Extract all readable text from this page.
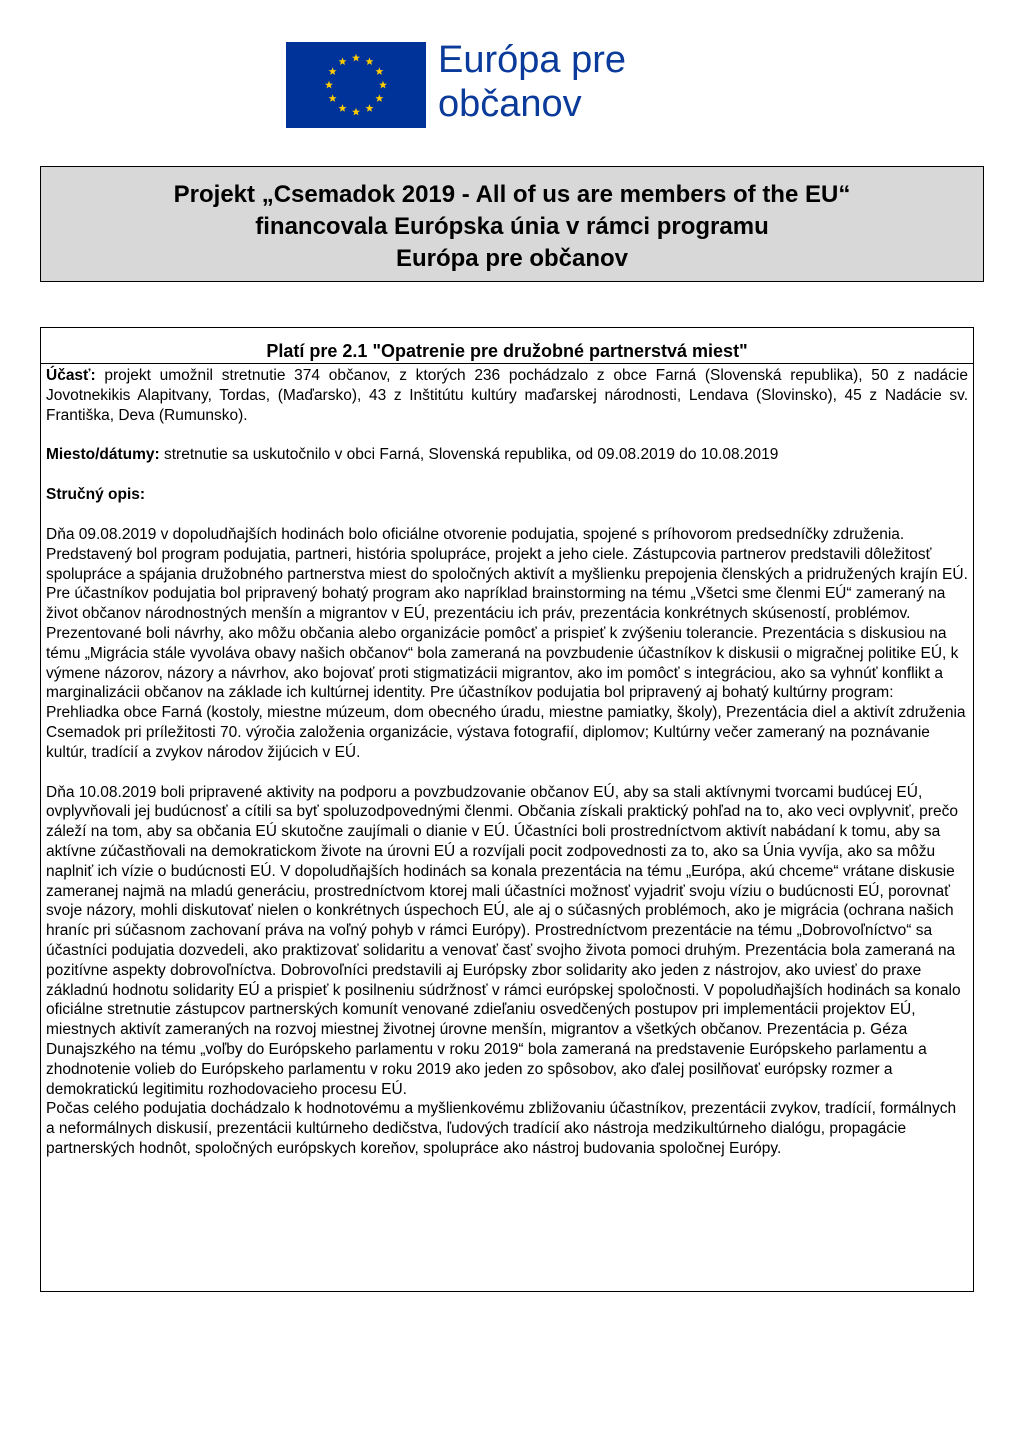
Európa pre
občanov
Projekt „Csemadok 2019 - All of us are members of the EU“
financovala Európska únia v rámci programu
Európa pre občanov
Platí pre 2.1 "Opatrenie pre družobné partnerstvá miest"

Účasť: projekt umožnil stretnutie 374 občanov, z ktorých 236 pochádzalo z obce Farná (Slovenská republika), 50 z nadácie Jovotnekikis Alapitvany, Tordas, (Maďarsko), 43 z Inštitútu kultúry maďarskej národnosti, Lendava (Slovinsko), 45 z Nadácie sv. Františka, Deva (Rumunsko).

Miesto/dátumy: stretnutie sa uskutočnilo v obci Farná, Slovenská republika, od 09.08.2019 do 10.08.2019

Stručný opis:

Dňa 09.08.2019 v dopoludňajších hodinách bolo oficiálne otvorenie podujatia, spojené s príhovorom predsedníčky združenia. Predstavený bol program podujatia, partneri, história spolupráce, projekt a jeho ciele. Zástupcovia partnerov predstavili dôležitosť spolupráce a spájania družobného partnerstva miest do spoločných aktivít a myšlienku prepojenia členských a pridružených krajín EÚ. Pre účastníkov podujatia bol pripravený bohatý program ako napríklad brainstorming na tému „Všetci sme členmi EÚ“ zameraný na život občanov národnostných menšín a migrantov v EÚ, prezentáciu ich práv, prezentácia konkrétnych skúseností, problémov. Prezentované boli návrhy, ako môžu občania alebo organizácie pomôcť a prispieť k zvýšeniu tolerancie. Prezentácia s diskusiou na tému „Migrácia stále vyvoláva obavy našich občanov“ bola zameraná na povzbudenie účastníkov k diskusii o migračnej politike EÚ, k výmene názorov, názory a návrhov, ako bojovať proti stigmatizácii migrantov, ako im pomôcť s integráciou, ako sa vyhnúť konflikt a marginalizácii občanov na základe ich kultúrnej identity. Pre účastníkov podujatia bol pripravený aj bohatý kultúrny program: Prehliadka obce Farná (kostoly, miestne múzeum, dom obecného úradu, miestne pamiatky, školy), Prezentácia diel a aktivít združenia Csemadok pri príležitosti 70. výročia založenia organizácie, výstava fotografií, diplomov; Kultúrny večer zameraný na poznávanie kultúr, tradícií a zvykov národov žijúcich v EÚ.

Dňa 10.08.2019 boli pripravené aktivity na podporu a povzbudzovanie občanov EÚ, aby sa stali aktívnymi tvorcami budúcej EÚ, ovplyvňovali jej budúcnosť a cítili sa byť spoluzodpovednými členmi. Občania získali praktický pohľad na to, ako veci ovplyvniť, prečo záleží na tom, aby sa občania EÚ skutočne zaujímali o dianie v EÚ. Účastníci boli prostredníctvom aktivít nabádaní k tomu, aby sa aktívne zúčastňovali na demokratickom živote na úrovni EÚ a rozvíjali pocit zodpovednosti za to, ako sa Únia vyvíja, ako sa môžu naplniť ich vízie o budúcnosti EÚ. V dopoludňajších hodinách sa konala prezentácia na tému „Európa, akú chceme“ vrátane diskusie zameranej najmä na mladú generáciu, prostredníctvom ktorej mali účastníci možnosť vyjadriť svoju víziu o budúcnosti EÚ, porovnať svoje názory, mohli diskutovať nielen o konkrétnych úspechoch EÚ, ale aj o súčasných problémoch, ako je migrácia (ochrana našich hraníc pri súčasnom zachovaní práva na voľný pohyb v rámci Európy). Prostredníctvom prezentácie na tému „Dobrovoľníctvo“ sa účastníci podujatia dozvedeli, ako praktizovať solidaritu a venovať časť svojho života pomoci druhým. Prezentácia bola zameraná na pozitívne aspekty dobrovoľníctva. Dobrovoľníci predstavili aj Európsky zbor solidarity ako jeden z nástrojov, ako uviesť do praxe základnú hodnotu solidarity EÚ a prispieť k posilneniu súdržnosť v rámci európskej spoločnosti. V popoludňajších hodinách sa konalo oficiálne stretnutie zástupcov partnerských komunít venované zdieľaniu osvedčených postupov pri implementácii projektov EÚ, miestnych aktivít zameraných na rozvoj miestnej životnej úrovne menšín, migrantov a všetkých občanov. Prezentácia p. Géza Dunajszkého na tému „voľby do Európskeho parlamentu v roku 2019“ bola zameraná na predstavenie Európskeho parlamentu a zhodnotenie volieb do Európskeho parlamentu v roku 2019 ako jeden zo spôsobov, ako ďalej posilňovať európsky rozmer a demokratickú legitimitu rozhodovacieho procesu EÚ.

Počas celého podujatia dochádzalo k hodnotovému a myšlienkovému zbližovaniu účastníkov, prezentácii zvykov, tradícií, formálnych a neformálnych diskusií, prezentácii kultúrneho dedičstva, ľudových tradícií ako nástroja medzikultúrneho dialógu, propagácie partnerských hodnôt, spoločných európskych koreňov, spolupráce ako nástroj budovania spoločnej Európy.
